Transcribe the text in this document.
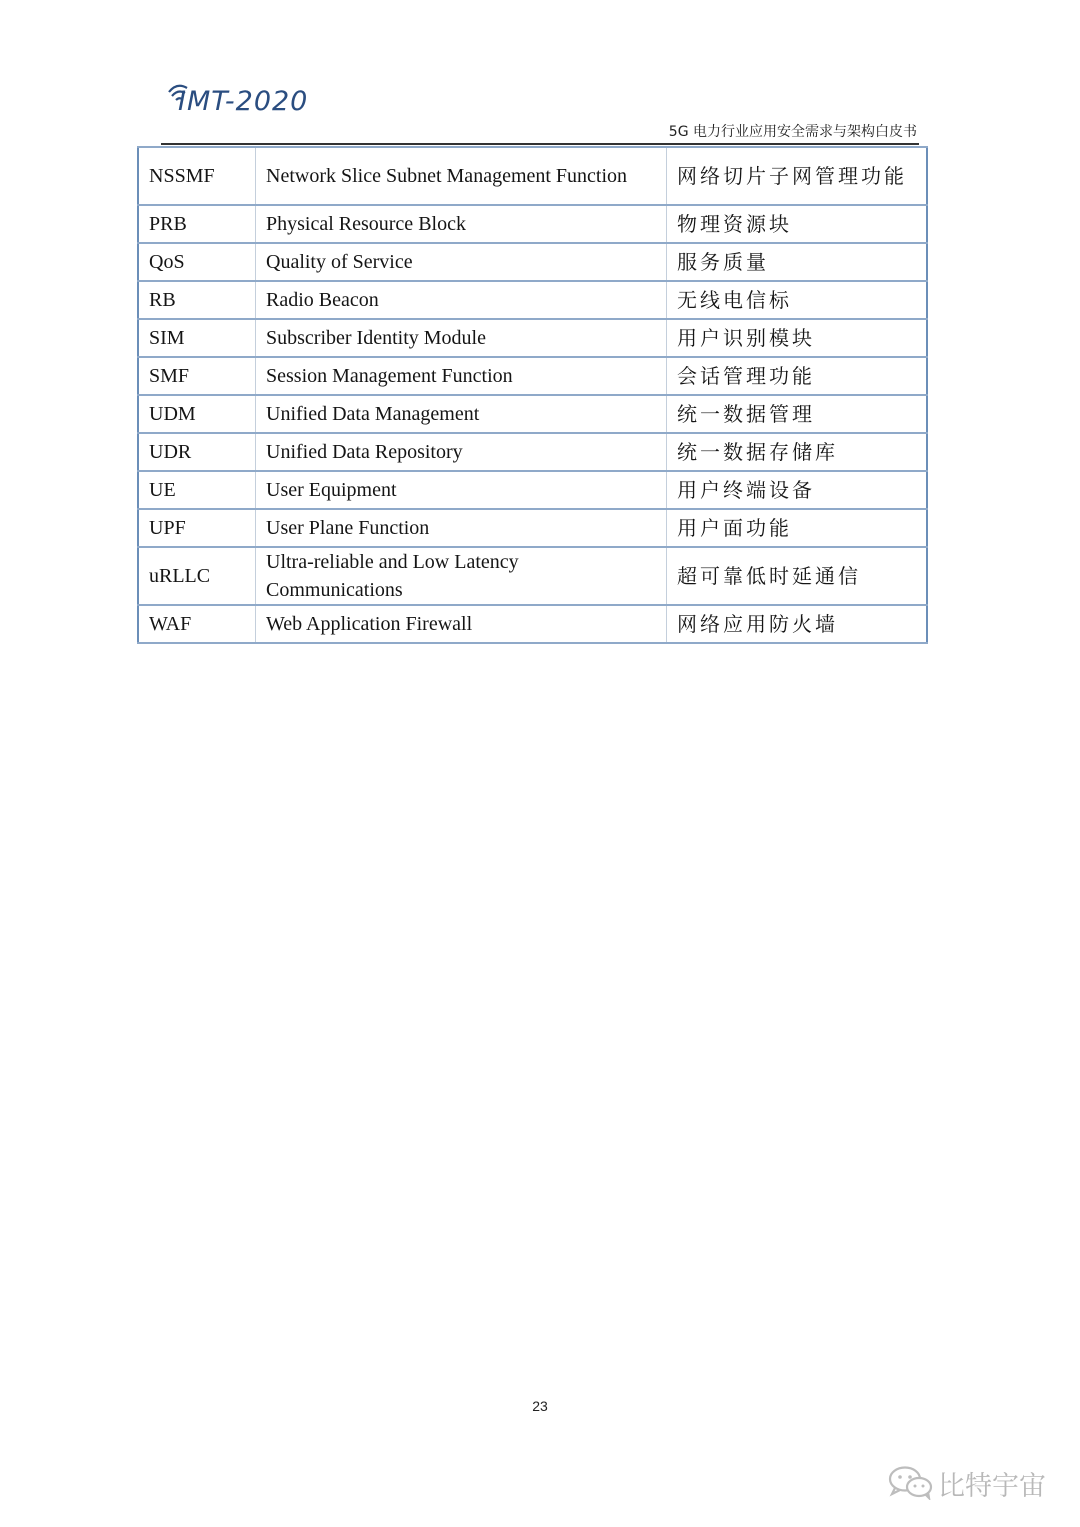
IMT-2020
5G 电力行业应用安全需求与架构白皮书
NSSMF	Network Slice Subnet Management Function	网络切片子网管理功能
PRB	Physical Resource Block	物理资源块
QoS	Quality of Service	服务质量
RB	Radio Beacon	无线电信标
SIM	Subscriber Identity Module	用户识别模块
SMF	Session Management Function	会话管理功能
UDM	Unified Data Management	统一数据管理
UDR	Unified Data Repository	统一数据存储库
UE	User Equipment	用户终端设备
UPF	User Plane Function	用户面功能
uRLLC	Ultra-reliable and Low Latency Communications	超可靠低时延通信
WAF	Web Application Firewall	网络应用防火墙
23
比特宇宙
